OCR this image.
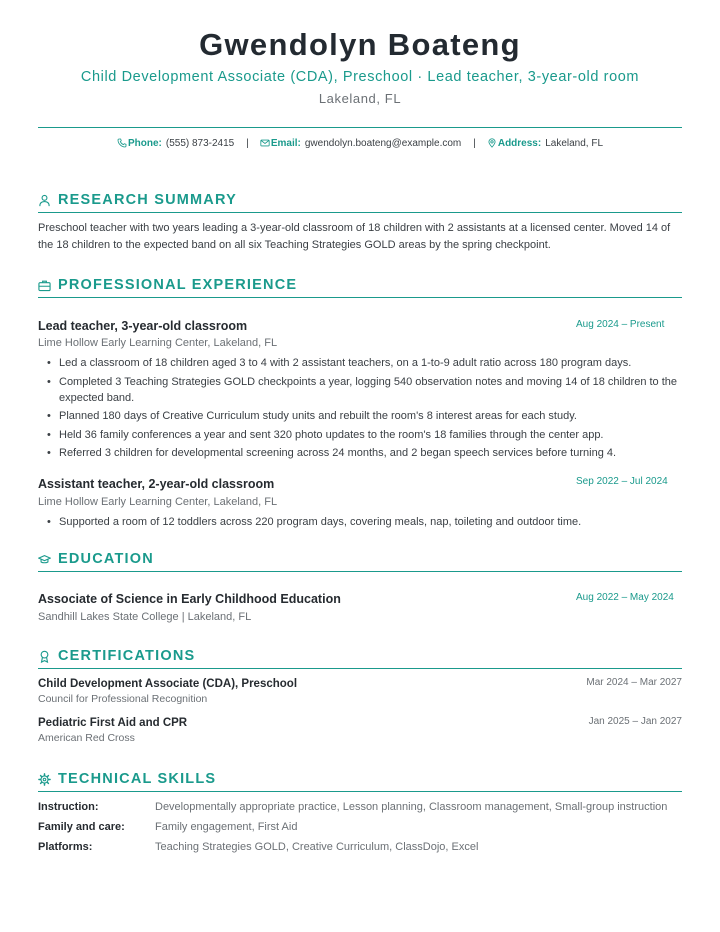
Gwendolyn Boateng
Child Development Associate (CDA), Preschool · Lead teacher, 3-year-old room
Lakeland, FL
Phone: (555) 873-2415 | Email: gwendolyn.boateng@example.com | Address: Lakeland, FL
RESEARCH SUMMARY
Preschool teacher with two years leading a 3-year-old classroom of 18 children with 2 assistants at a licensed center. Moved 14 of the 18 children to the expected band on all six Teaching Strategies GOLD areas by the spring checkpoint.
PROFESSIONAL EXPERIENCE
Lead teacher, 3-year-old classroom	Aug 2024 – Present
Lime Hollow Early Learning Center, Lakeland, FL
• Led a classroom of 18 children aged 3 to 4 with 2 assistant teachers, on a 1-to-9 adult ratio across 180 program days.
• Completed 3 Teaching Strategies GOLD checkpoints a year, logging 540 observation notes and moving 14 of 18 children to the expected band.
• Planned 180 days of Creative Curriculum study units and rebuilt the room's 8 interest areas for each study.
• Held 36 family conferences a year and sent 320 photo updates to the room's 18 families through the center app.
• Referred 3 children for developmental screening across 24 months, and 2 began speech services before turning 4.
Assistant teacher, 2-year-old classroom	Sep 2022 – Jul 2024
Lime Hollow Early Learning Center, Lakeland, FL
• Supported a room of 12 toddlers across 220 program days, covering meals, nap, toileting and outdoor time.
EDUCATION
Associate of Science in Early Childhood Education	Aug 2022 – May 2024
Sandhill Lakes State College | Lakeland, FL
CERTIFICATIONS
Child Development Associate (CDA), Preschool	Mar 2024 – Mar 2027
Council for Professional Recognition
Pediatric First Aid and CPR	Jan 2025 – Jan 2027
American Red Cross
TECHNICAL SKILLS
Instruction:	Developmentally appropriate practice, Lesson planning, Classroom management, Small-group instruction
Family and care:	Family engagement, First Aid
Platforms:	Teaching Strategies GOLD, Creative Curriculum, ClassDojo, Excel
